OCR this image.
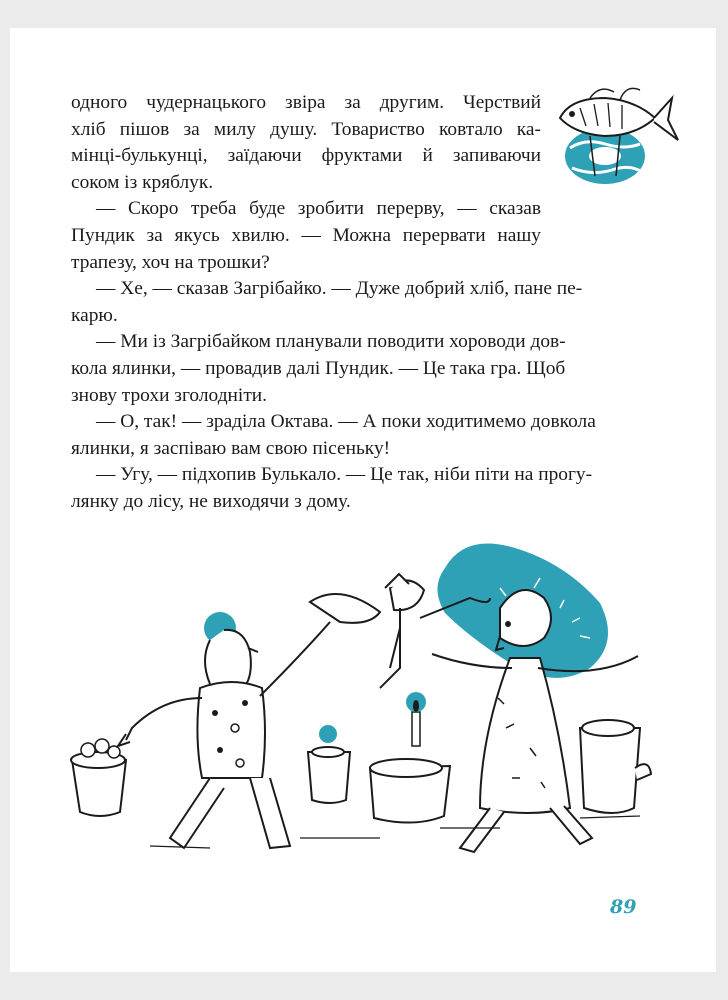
одного чудернацького звіра за другим. Черствий
хліб пішов за милу душу. Товариство ковтало ка-
мінці-булькунці, заїдаючи фруктами й запиваючи
соком із кряблук.
— Скоро треба буде зробити перерву, — сказав
Пундик за якусь хвилю. — Можна перервати нашу
трапезу, хоч на трошки?
— Хе, — сказав Загрібайко. — Дуже добрий хліб, пане пе-
карю.
— Ми із Загрібайком планували поводити хороводи дов-
кола ялинки, — провадив далі Пундик. — Це така гра. Щоб
знову трохи зголодніти.
— О, так! — зраділа Октава. — А поки ходитимемо довкола
ялинки, я заспіваю вам свою пісеньку!
— Угу, — підхопив Булькало. — Це так, ніби піти на прогу-
лянку до лісу, не виходячи з дому.
89
